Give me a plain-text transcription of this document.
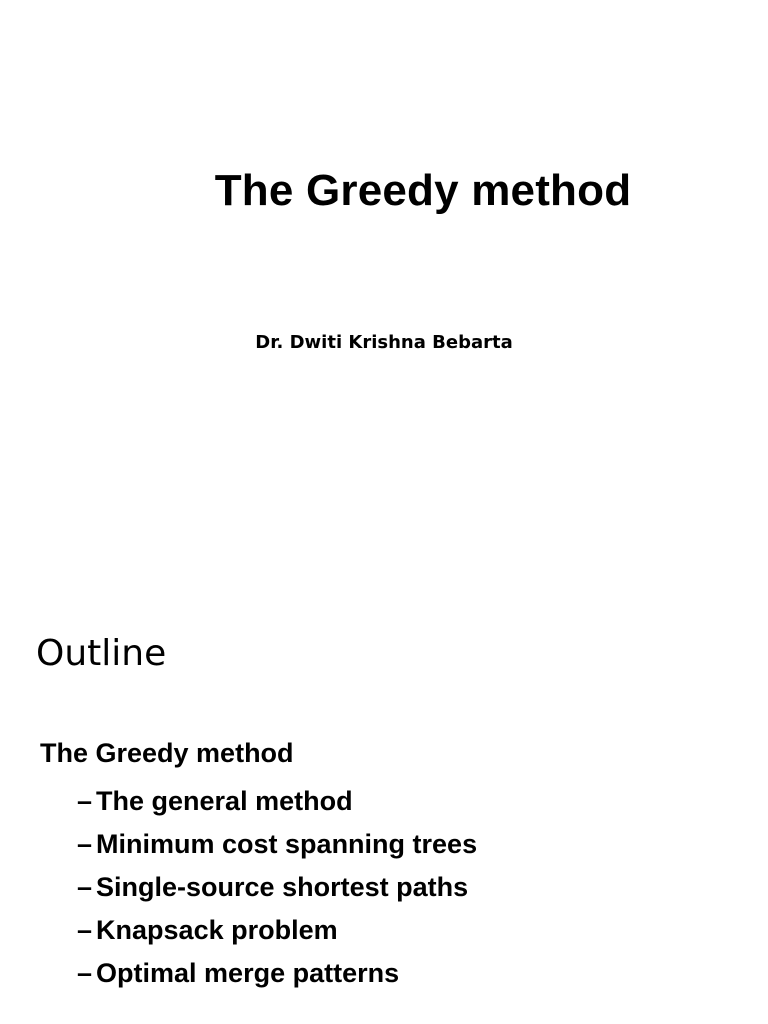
The Greedy method

Dr. Dwiti Krishna Bebarta

Outline

The Greedy method

– The general method
– Minimum cost spanning trees
– Single-source shortest paths
– Knapsack problem
– Optimal merge patterns
